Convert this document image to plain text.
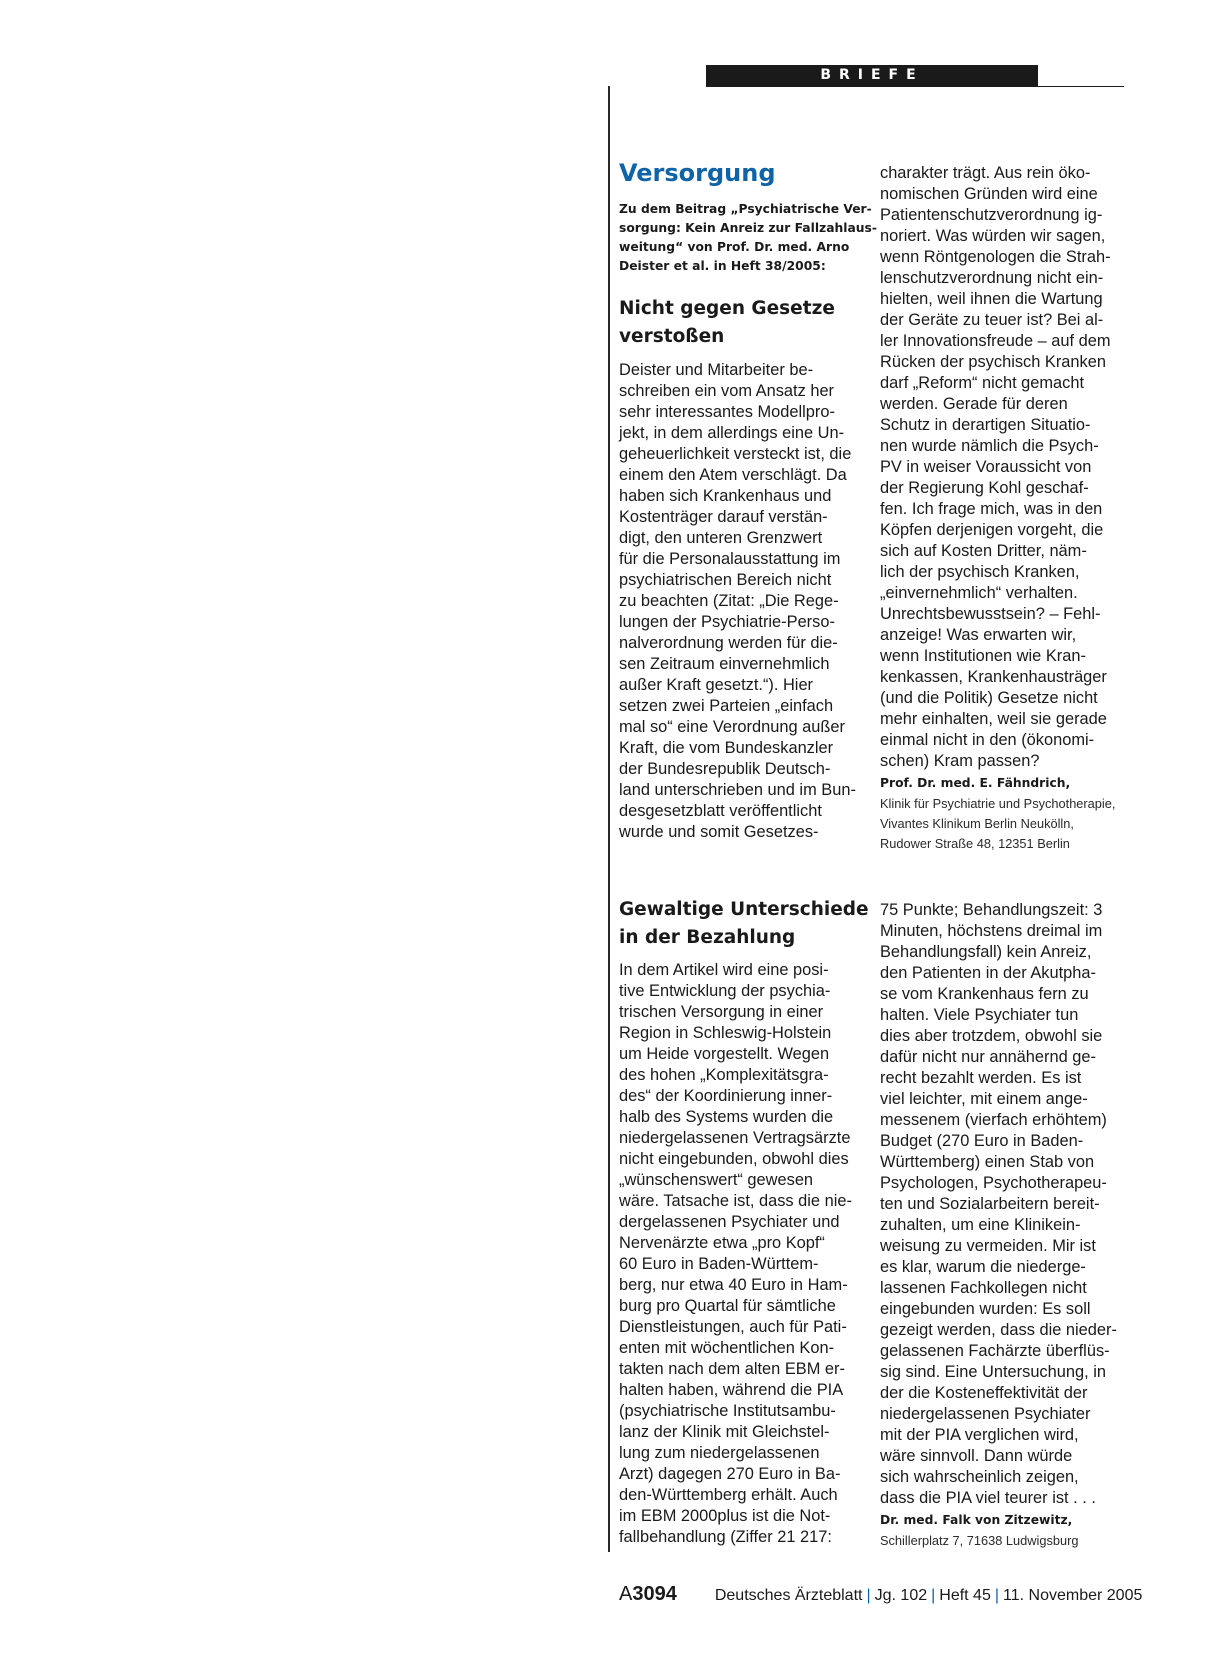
BRIEFE
Versorgung
Zu dem Beitrag „Psychiatrische Ver-
sorgung: Kein Anreiz zur Fallzahlaus-
weitung“ von Prof. Dr. med. Arno
Deister et al. in Heft 38/2005:
Nicht gegen Gesetze
verstoßen
Deister und Mitarbeiter be-
schreiben ein vom Ansatz her
sehr interessantes Modellpro-
jekt, in dem allerdings eine Un-
geheuerlichkeit versteckt ist, die
einem den Atem verschlägt. Da
haben sich Krankenhaus und
Kostenträger darauf verstän-
digt, den unteren Grenzwert
für die Personalausstattung im
psychiatrischen Bereich nicht
zu beachten (Zitat: „Die Rege-
lungen der Psychiatrie-Perso-
nalverordnung werden für die-
sen Zeitraum einvernehmlich
außer Kraft gesetzt.“). Hier
setzen zwei Parteien „einfach
mal so“ eine Verordnung außer
Kraft, die vom Bundeskanzler
der Bundesrepublik Deutsch-
land unterschrieben und im Bun-
desgesetzblatt veröffentlicht
wurde und somit Gesetzes-
charakter trägt. Aus rein öko-
nomischen Gründen wird eine
Patientenschutzverordnung ig-
noriert. Was würden wir sagen,
wenn Röntgenologen die Strah-
lenschutzverordnung nicht ein-
hielten, weil ihnen die Wartung
der Geräte zu teuer ist? Bei al-
ler Innovationsfreude – auf dem
Rücken der psychisch Kranken
darf „Reform“ nicht gemacht
werden. Gerade für deren
Schutz in derartigen Situatio-
nen wurde nämlich die Psych-
PV in weiser Voraussicht von
der Regierung Kohl geschaf-
fen. Ich frage mich, was in den
Köpfen derjenigen vorgeht, die
sich auf Kosten Dritter, näm-
lich der psychisch Kranken,
„einvernehmlich“ verhalten.
Unrechtsbewusstsein? – Fehl-
anzeige! Was erwarten wir,
wenn Institutionen wie Kran-
kenkassen, Krankenhausträger
(und die Politik) Gesetze nicht
mehr einhalten, weil sie gerade
einmal nicht in den (ökonomi-
schen) Kram passen?
Prof. Dr. med. E. Fähndrich,
Klinik für Psychiatrie und Psychotherapie,
Vivantes Klinikum Berlin Neukölln,
Rudower Straße 48, 12351 Berlin
Gewaltige Unterschiede
in der Bezahlung
In dem Artikel wird eine posi-
tive Entwicklung der psychia-
trischen Versorgung in einer
Region in Schleswig-Holstein
um Heide vorgestellt. Wegen
des hohen „Komplexitätsgra-
des“ der Koordinierung inner-
halb des Systems wurden die
niedergelassenen Vertragsärzte
nicht eingebunden, obwohl dies
„wünschenswert“ gewesen
wäre. Tatsache ist, dass die nie-
dergelassenen Psychiater und
Nervenärzte etwa „pro Kopf“
60 Euro in Baden-Württem-
berg, nur etwa 40 Euro in Ham-
burg pro Quartal für sämtliche
Dienstleistungen, auch für Pati-
enten mit wöchentlichen Kon-
takten nach dem alten EBM er-
halten haben, während die PIA
(psychiatrische Institutsambu-
lanz der Klinik mit Gleichstel-
lung zum niedergelassenen
Arzt) dagegen 270 Euro in Ba-
den-Württemberg erhält. Auch
im EBM 2000plus ist die Not-
fallbehandlung (Ziffer 21 217:
75 Punkte; Behandlungszeit: 3
Minuten, höchstens dreimal im
Behandlungsfall) kein Anreiz,
den Patienten in der Akutpha-
se vom Krankenhaus fern zu
halten. Viele Psychiater tun
dies aber trotzdem, obwohl sie
dafür nicht nur annähernd ge-
recht bezahlt werden. Es ist
viel leichter, mit einem ange-
messenem (vierfach erhöhtem)
Budget (270 Euro in Baden-
Württemberg) einen Stab von
Psychologen, Psychotherapeu-
ten und Sozialarbeitern bereit-
zuhalten, um eine Klinikein-
weisung zu vermeiden. Mir ist
es klar, warum die niederge-
lassenen Fachkollegen nicht
eingebunden wurden: Es soll
gezeigt werden, dass die nieder-
gelassenen Fachärzte überflüs-
sig sind. Eine Untersuchung, in
der die Kosteneffektivität der
niedergelassenen Psychiater
mit der PIA verglichen wird,
wäre sinnvoll. Dann würde
sich wahrscheinlich zeigen,
dass die PIA viel teurer ist . . .
Dr. med. Falk von Zitzewitz,
Schillerplatz 7, 71638 Ludwigsburg
A3094 Deutsches Ärzteblatt | Jg. 102 | Heft 45 | 11. November 2005
